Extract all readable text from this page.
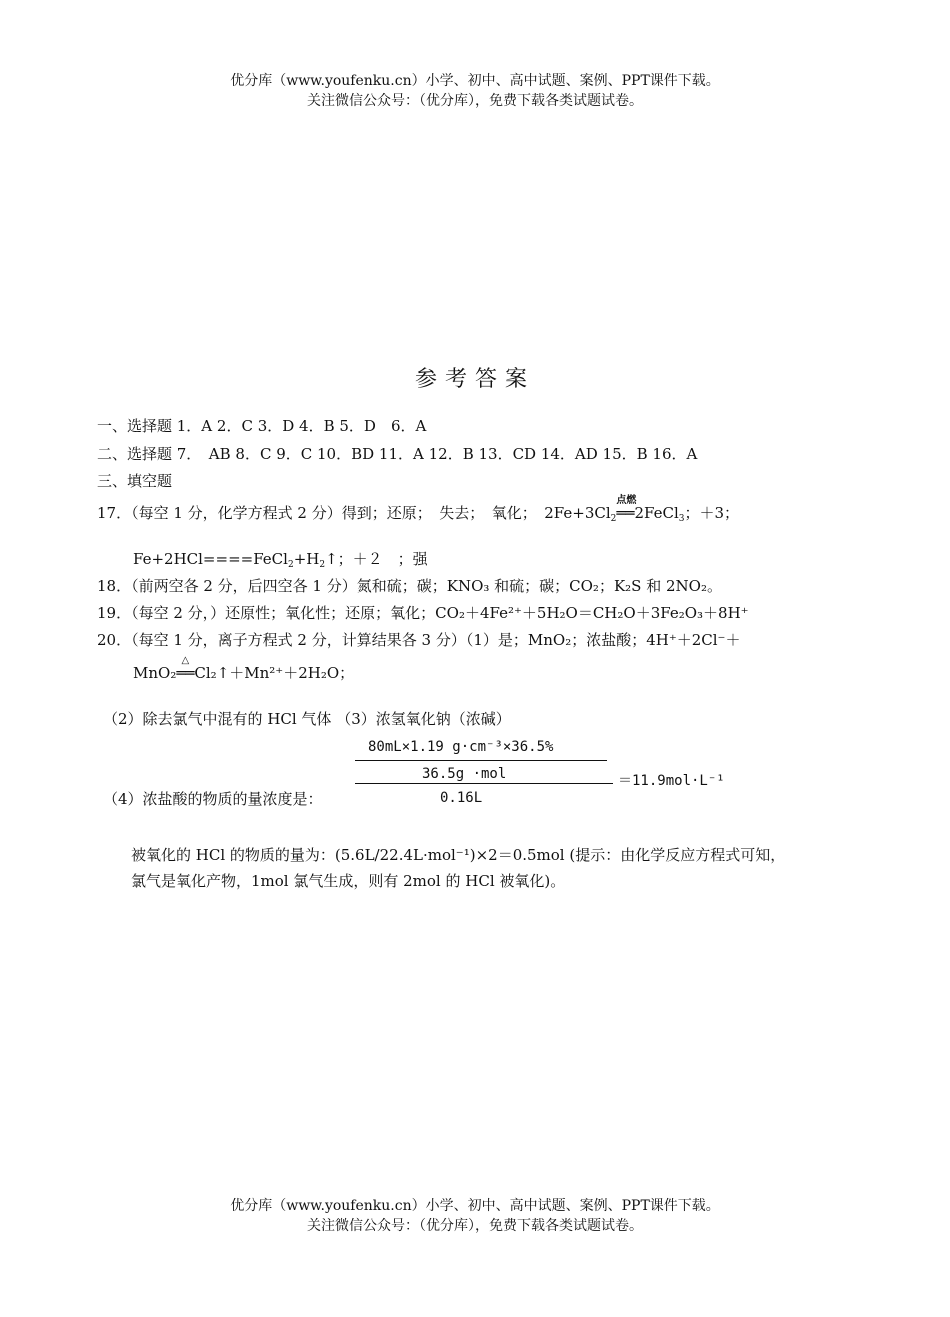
优分库（www.youfenku.cn）小学、初中、高中试题、案例、PPT课件下载。
关注微信公众号：（优分库），免费下载各类试题试卷。
参考答案
一、选择题 1．A 2．C 3．D 4．B 5．D　6．A
二、选择题 7．　AB 8．C 9．C 10．BD 11．A 12．B 13．CD 14．AD 15．B 16．A
三、填空题
17．（每空 1 分，化学方程式 2 分）得到；还原；　失去；　氧化；　$2Fe+3Cl_2$
点燃
══2FeCl$_3$；＋3；
$Fe+2HCl====FeCl_2+H_2↑$；＋２　；强
18．（前两空各 2 分，后四空各 1 分）氮和硫；碳；KNO₃ 和硫；碳；CO₂；K₂S 和 2NO₂。
19．（每空 2 分，）还原性；氧化性；还原；氧化；CO₂＋4Fe²⁺＋5H₂O＝CH₂O＋3Fe₂O₃＋8H⁺
20．（每空 1 分，离子方程式 2 分，计算结果各 3 分）（1）是；MnO₂；浓盐酸；4H⁺＋2Cl⁻＋
MnO₂
△
══Cl₂↑＋Mn²⁺＋2H₂O；
（2）除去氯气中混有的 HCl 气体 （3）浓氢氧化钠（浓碱）
80mL×1.19 g·cm⁻³×36.5%
36.5g ·mol
（4）浓盐酸的物质的量浓度是：	0.16L
＝11.9mol·L⁻¹
被氧化的 HCl 的物质的量为：(5.6L/22.4L·mol⁻¹)×2＝0.5mol (提示：由化学反应方程式可知，
氯气是氧化产物，1mol 氯气生成，则有 2mol 的 HCl 被氧化)。
优分库（www.youfenku.cn）小学、初中、高中试题、案例、PPT课件下载。
关注微信公众号：（优分库），免费下载各类试题试卷。
